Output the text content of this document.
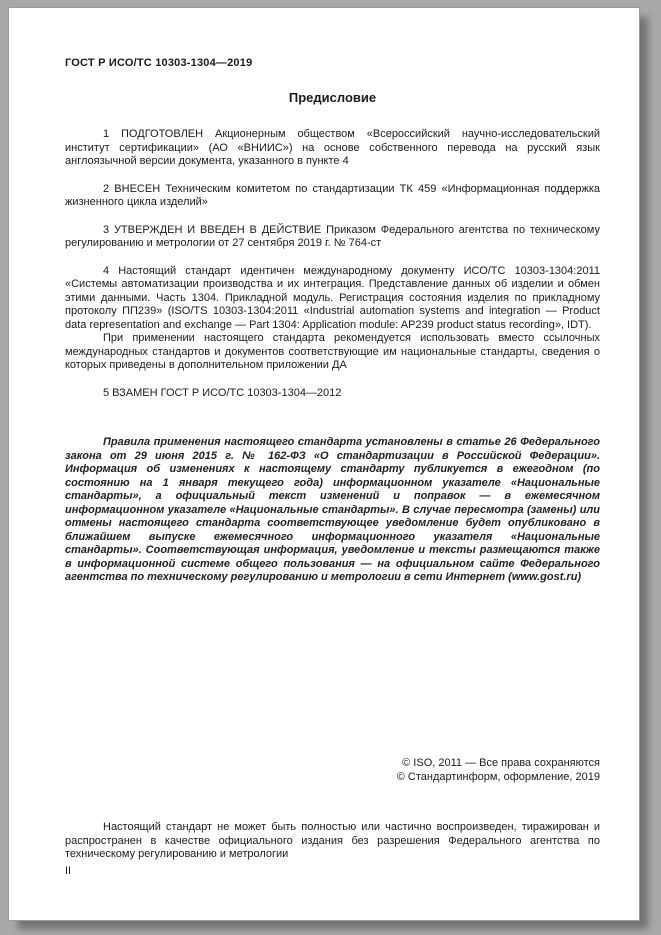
ГОСТ Р ИСО/ТС 10303-1304—2019
Предисловие

1 ПОДГОТОВЛЕН Акционерным обществом «Всероссийский научно-исследовательский институт сертификации» (АО «ВНИИС») на основе собственного перевода на русский язык англоязычной версии документа, указанного в пункте 4

2 ВНЕСЕН Техническим комитетом по стандартизации ТК 459 «Информационная поддержка жизненного цикла изделий»

3 УТВЕРЖДЕН И ВВЕДЕН В ДЕЙСТВИЕ Приказом Федерального агентства по техническому регулированию и метрологии от 27 сентября 2019 г. № 764-ст

4 Настоящий стандарт идентичен международному документу ИСО/ТС 10303-1304:2011 «Системы автоматизации производства и их интеграция. Представление данных об изделии и обмен этими данными. Часть 1304. Прикладной модуль. Регистрация состояния изделия по прикладному протоколу ПП239» (ISO/TS 10303-1304:2011 «Industrial automation systems and integration — Product data representation and exchange — Part 1304: Application module: AP239 product status recording», IDT).

При применении настоящего стандарта рекомендуется использовать вместо ссылочных международных стандартов и документов соответствующие им национальные стандарты, сведения о которых приведены в дополнительном приложении ДА

5 ВЗАМЕН ГОСТ Р ИСО/ТС 10303-1304—2012

Правила применения настоящего стандарта установлены в статье 26 Федерального закона от 29 июня 2015 г. № 162-ФЗ «О стандартизации в Российской Федерации». Информация об изменениях к настоящему стандарту публикуется в ежегодном (по состоянию на 1 января текущего года) информационном указателе «Национальные стандарты», а официальный текст изменений и поправок — в ежемесячном информационном указателе «Национальные стандарты». В случае пересмотра (замены) или отмены настоящего стандарта соответствующее уведомление будет опубликовано в ближайшем выпуске ежемесячного информационного указателя «Национальные стандарты». Соответствующая информация, уведомление и тексты размещаются также в информационной системе общего пользования — на официальном сайте Федерального агентства по техническому регулированию и метрологии в сети Интернет (www.gost.ru)

© ISO, 2011 — Все права сохраняются
© Стандартинформ, оформление, 2019

Настоящий стандарт не может быть полностью или частично воспроизведен, тиражирован и распространен в качестве официального издания без разрешения Федерального агентства по техническому регулированию и метрологии

II
